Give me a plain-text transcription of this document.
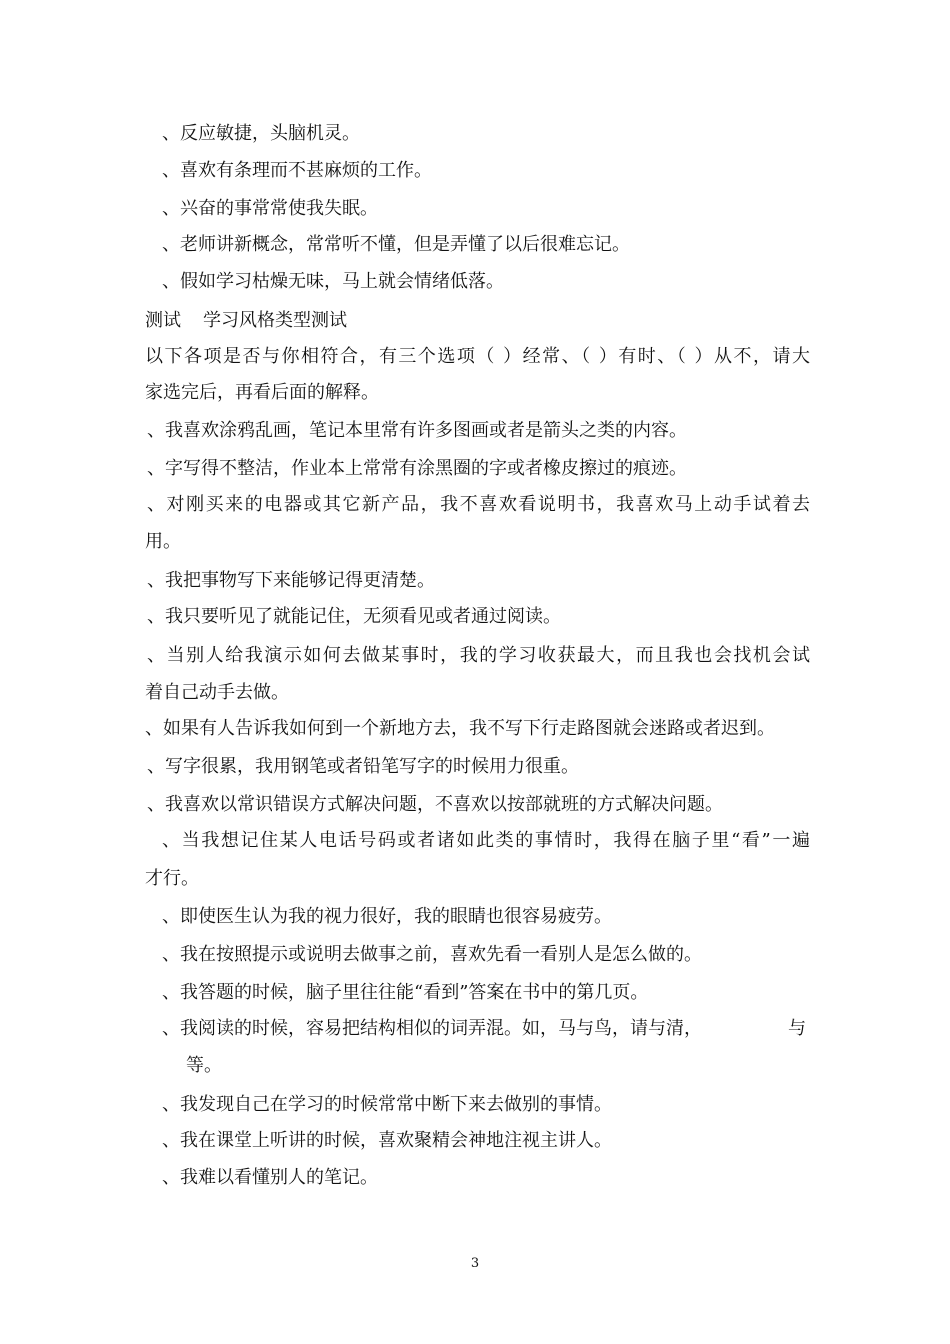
、反应敏捷，头脑机灵。
、喜欢有条理而不甚麻烦的工作。
、兴奋的事常常使我失眠。
、老师讲新概念，常常听不懂，但是弄懂了以后很难忘记。
、假如学习枯燥无味，马上就会情绪低落。
测试 学习风格类型测试
以下各项是否与你相符合，有三个选项（ ）经常、（ ）有时、（ ）从不，请大
家选完后，再看后面的解释。
、我喜欢涂鸦乱画，笔记本里常有许多图画或者是箭头之类的内容。
、字写得不整洁，作业本上常常有涂黑圈的字或者橡皮擦过的痕迹。
、对刚买来的电器或其它新产品，我不喜欢看说明书，我喜欢马上动手试着去
用。
、我把事物写下来能够记得更清楚。
、我只要听见了就能记住，无须看见或者通过阅读。
、当别人给我演示如何去做某事时，我的学习收获最大，而且我也会找机会试
着自己动手去做。
、如果有人告诉我如何到一个新地方去，我不写下行走路图就会迷路或者迟到。
、写字很累，我用钢笔或者铅笔写字的时候用力很重。
、我喜欢以常识错误方式解决问题，不喜欢以按部就班的方式解决问题。
、当我想记住某人电话号码或者诸如此类的事情时，我得在脑子里“看”一遍
才行。
、即使医生认为我的视力很好，我的眼睛也很容易疲劳。
、我在按照提示或说明去做事之前，喜欢先看一看别人是怎么做的。
、我答题的时候，脑子里往往能“看到”答案在书中的第几页。
、我阅读的时候，容易把结构相似的词弄混。如，马与鸟，请与清，	与
等。
、我发现自己在学习的时候常常中断下来去做别的事情。
、我在课堂上听讲的时候，喜欢聚精会神地注视主讲人。
、我难以看懂别人的笔记。
3
